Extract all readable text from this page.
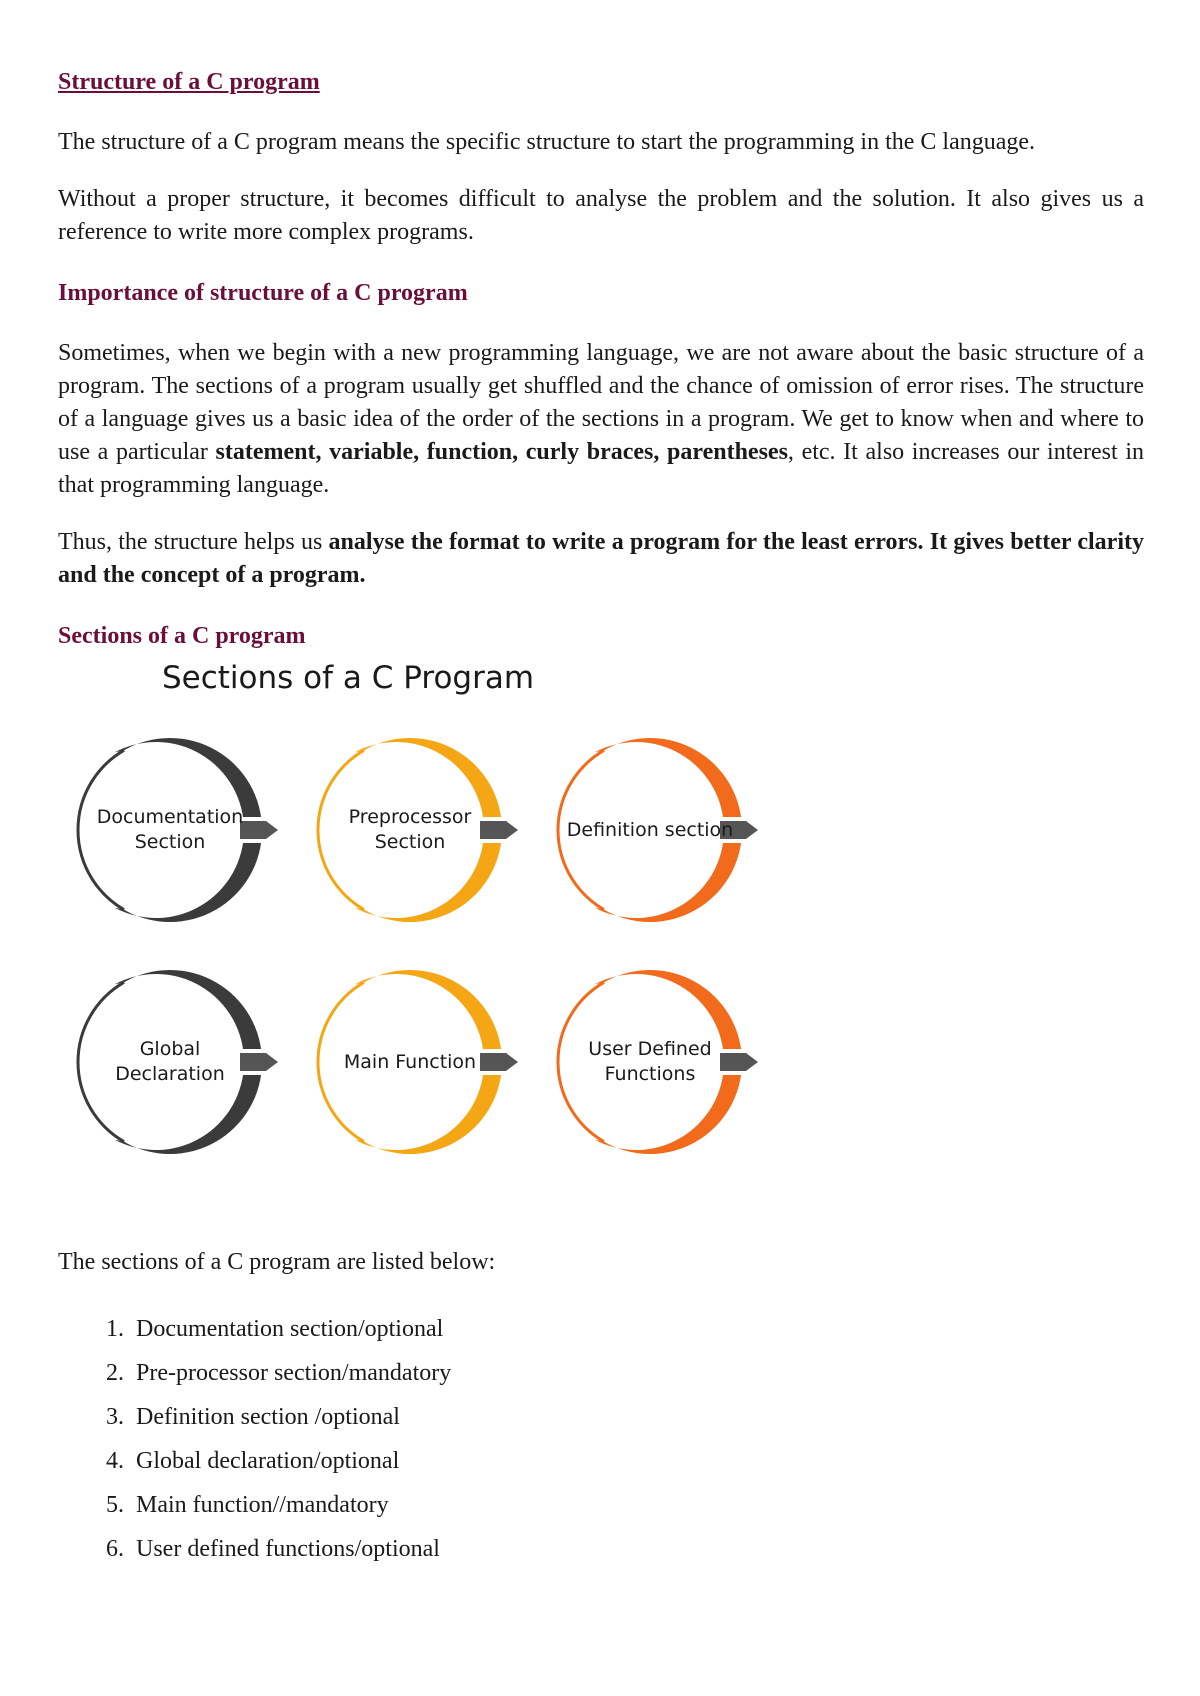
Structure of a C program

The structure of a C program means the specific structure to start the programming in the C language.

Without a proper structure, it becomes difficult to analyse the problem and the solution. It also gives us a reference to write more complex programs.

Importance of structure of a C program

Sometimes, when we begin with a new programming language, we are not aware about the basic structure of a program. The sections of a program usually get shuffled and the chance of omission of error rises. The structure of a language gives us a basic idea of the order of the sections in a program. We get to know when and where to use a particular statement, variable, function, curly braces, parentheses, etc. It also increases our interest in that programming language.

Thus, the structure helps us analyse the format to write a program for the least errors. It gives better clarity and the concept of a program.

Sections of a C program
Sections of a C Program
Documentation
Section
Preprocessor
Section
Definition section
Global
Declaration
Main Function
User Defined
Functions

The sections of a C program are listed below:

1. Documentation section/optional
2. Pre-processor section/mandatory
3. Definition section /optional
4. Global declaration/optional
5. Main function//mandatory
6. User defined functions/optional
